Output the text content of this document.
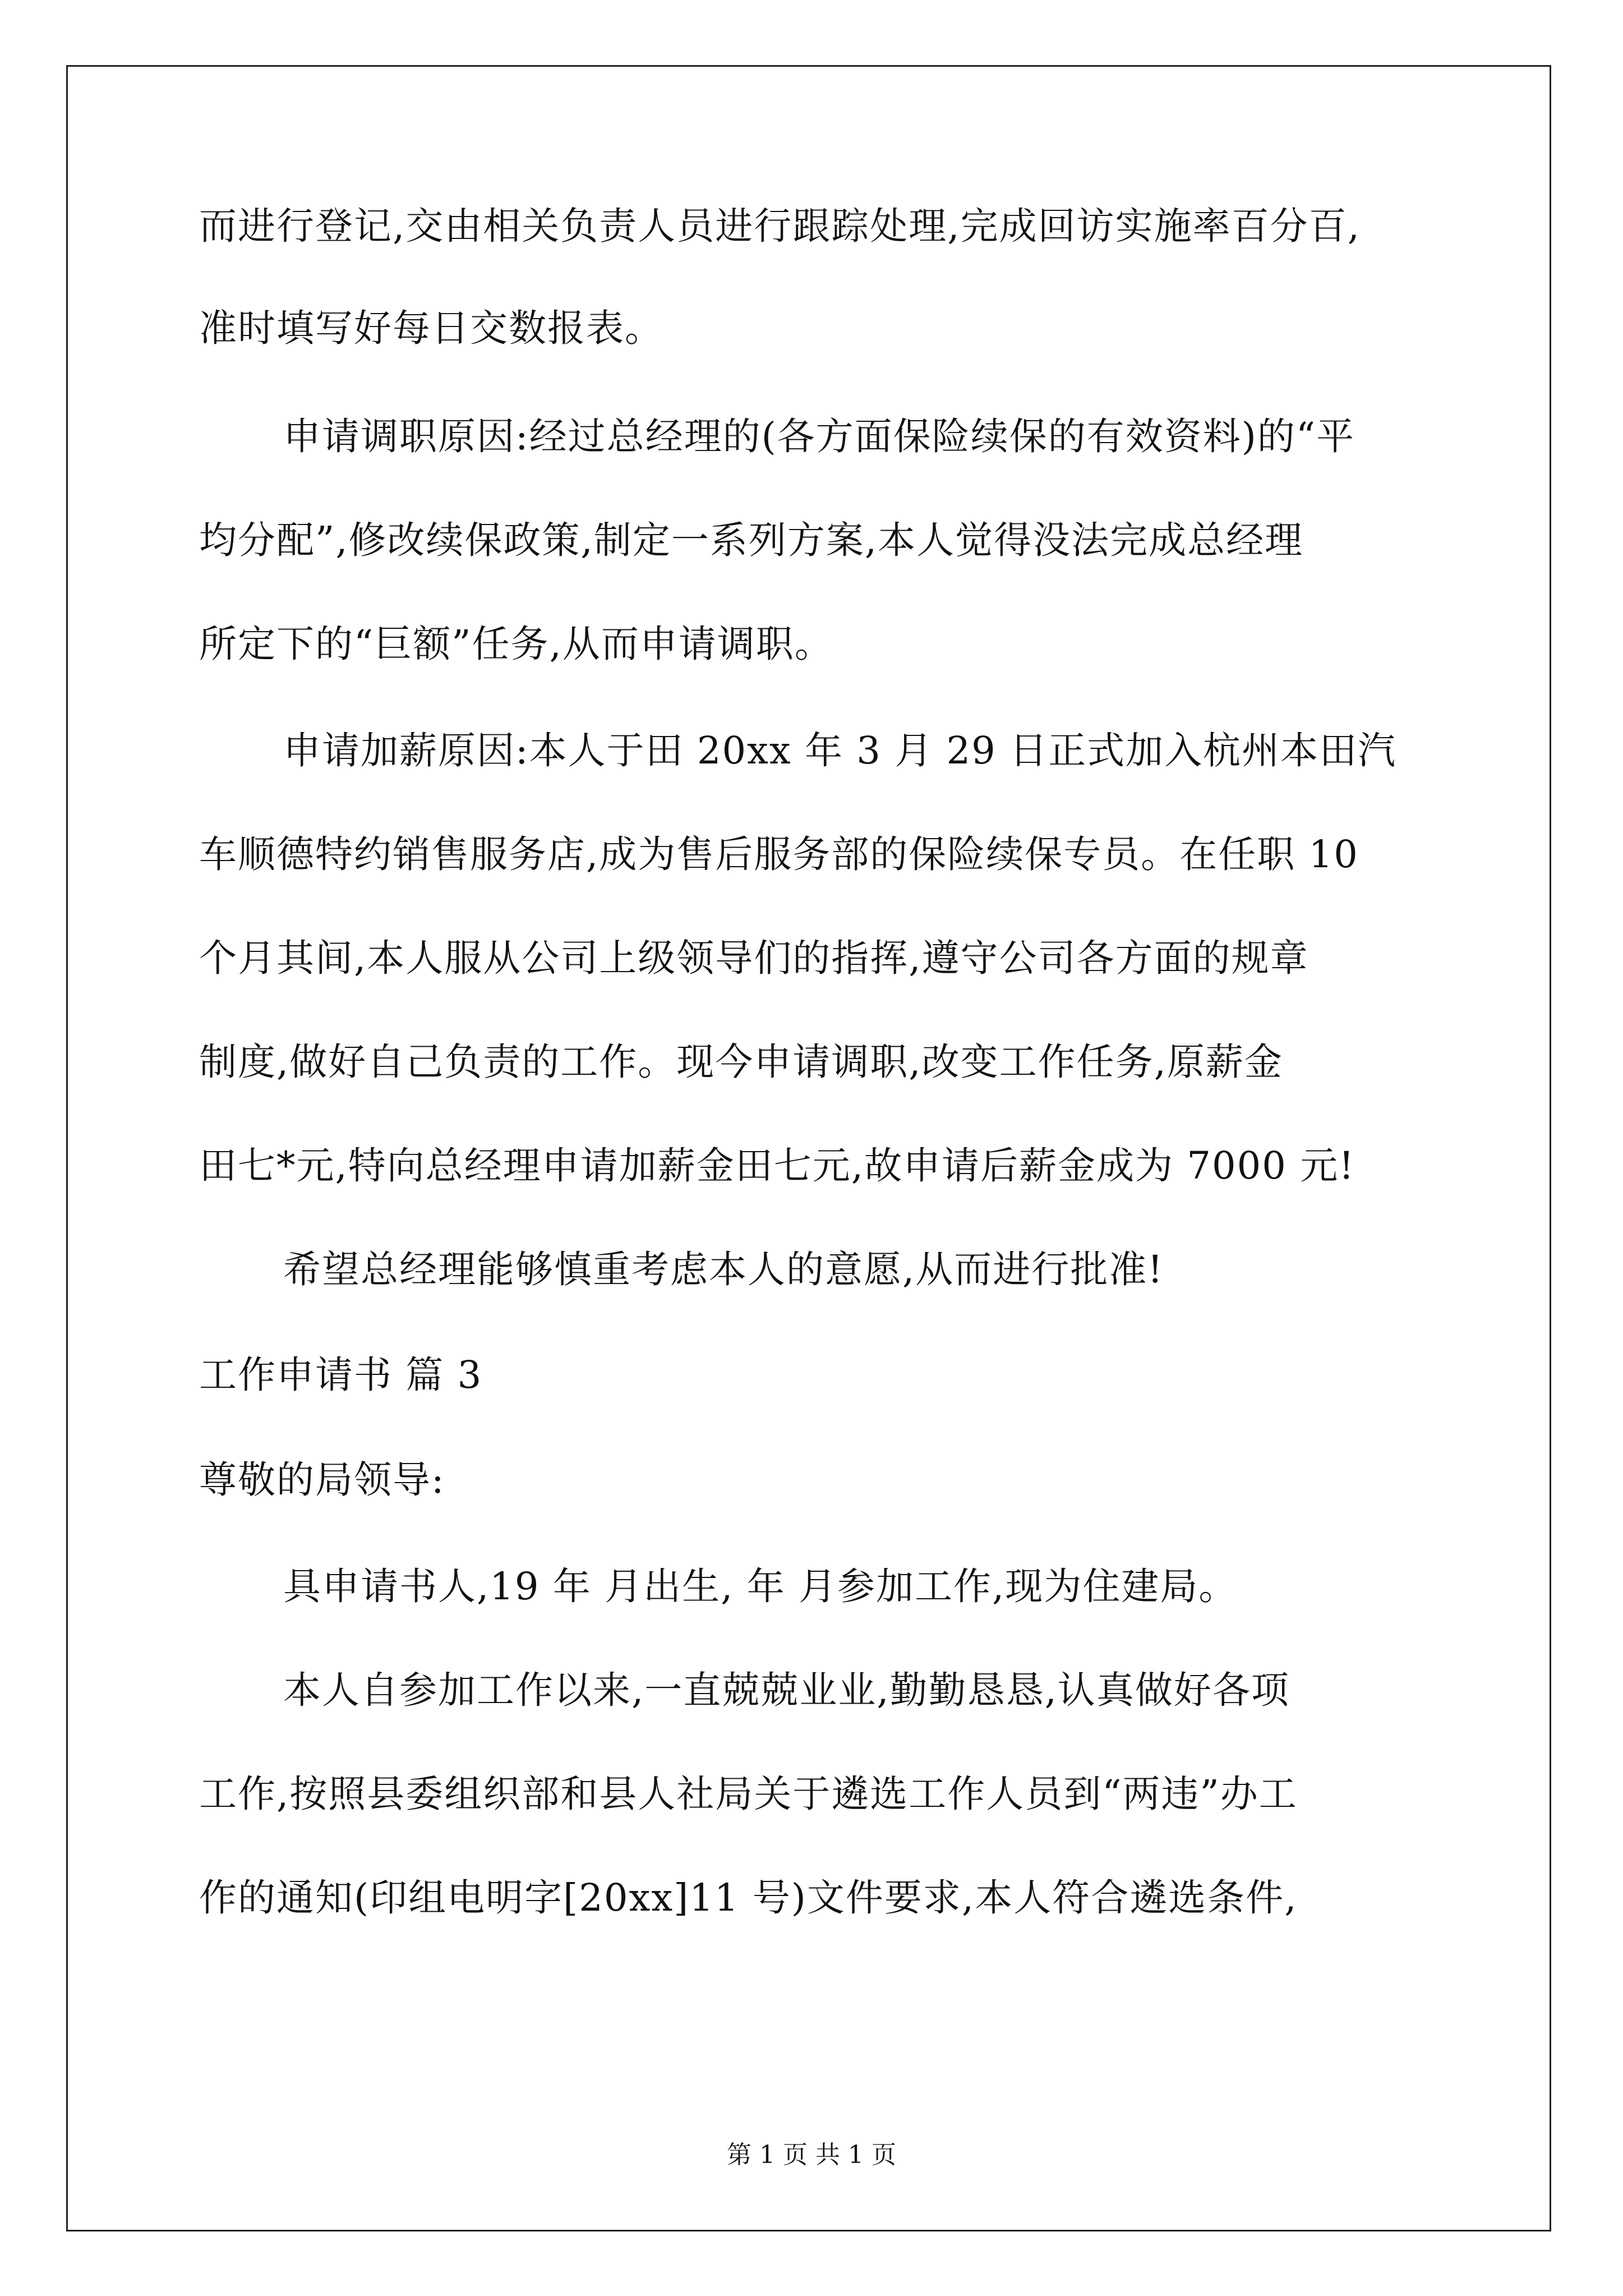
而进行登记,交由相关负责人员进行跟踪处理,完成回访实施率百分百,
准时填写好每日交数报表。
申请调职原因:经过总经理的(各方面保险续保的有效资料)的“平
均分配”,修改续保政策,制定一系列方案,本人觉得没法完成总经理
所定下的“巨额”任务,从而申请调职。
申请加薪原因:本人于田 20xx 年 3 月 29 日正式加入杭州本田汽
车顺德特约销售服务店,成为售后服务部的保险续保专员。在任职 10
个月其间,本人服从公司上级领导们的指挥,遵守公司各方面的规章
制度,做好自己负责的工作。现今申请调职,改变工作任务,原薪金
田七*元,特向总经理申请加薪金田七元,故申请后薪金成为 7000 元!
希望总经理能够慎重考虑本人的意愿,从而进行批准!
工作申请书 篇 3
尊敬的局领导:
具申请书人,19 年 月出生, 年 月参加工作,现为住建局。
本人自参加工作以来,一直兢兢业业,勤勤恳恳,认真做好各项
工作,按照县委组织部和县人社局关于遴选工作人员到“两违”办工
作的通知(印组电明字[20xx]11 号)文件要求,本人符合遴选条件,
第 1 页 共 1 页
